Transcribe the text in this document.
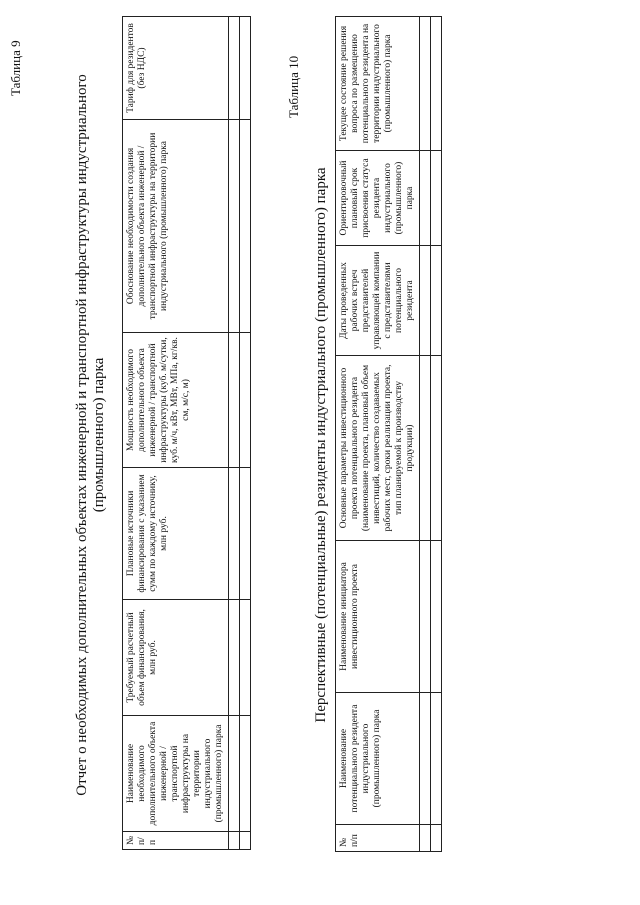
Таблица 9
Отчет о необходимых дополнительных объектах инженерной и транспортной инфраструктуры индустриального (промышленного) парка
№ п/п	Наименование необходимого дополнительного объекта инженерной / транспортной инфраструктуры на территории индустриального (промышленного) парка	Требуемый расчетный объем финансирования, млн руб.	Плановые источники финансирования с указанием сумм по каждому источнику, млн руб.	Мощность необходимого дополнительного объекта инженерной / транспортной инфраструктуры (куб. м/сутки, куб. м/ч, кВт, МВт, МПа, кг/кв. см, м/с, м)	Обоснование необходимости создания дополнительного объекта инженерной / транспортной инфраструктуры на территории индустриального (промышленного) парка	Тариф для резидентов (без НДС)

							Таблица 10
Перспективные (потенциальные) резиденты индустриального (промышленного) парка
№ п/п	Наименование потенциального резидента индустриального (промышленного) парка	Наименование инициатора инвестиционного проекта	Основные параметры инвестиционного проекта потенциального резидента (наименование проекта, плановый объем инвестиций, количество создаваемых рабочих мест, сроки реализации проекта, тип планируемой к производству продукции)	Даты проведенных рабочих встреч представителей управляющей компании с представителями потенциального резидента	Ориентировочный плановый срок присвоения статуса резидента индустриального (промышленного) парка	Текущее состояние решения вопроса по размещению потенциального резидента на территории индустриального (промышленного) парка
